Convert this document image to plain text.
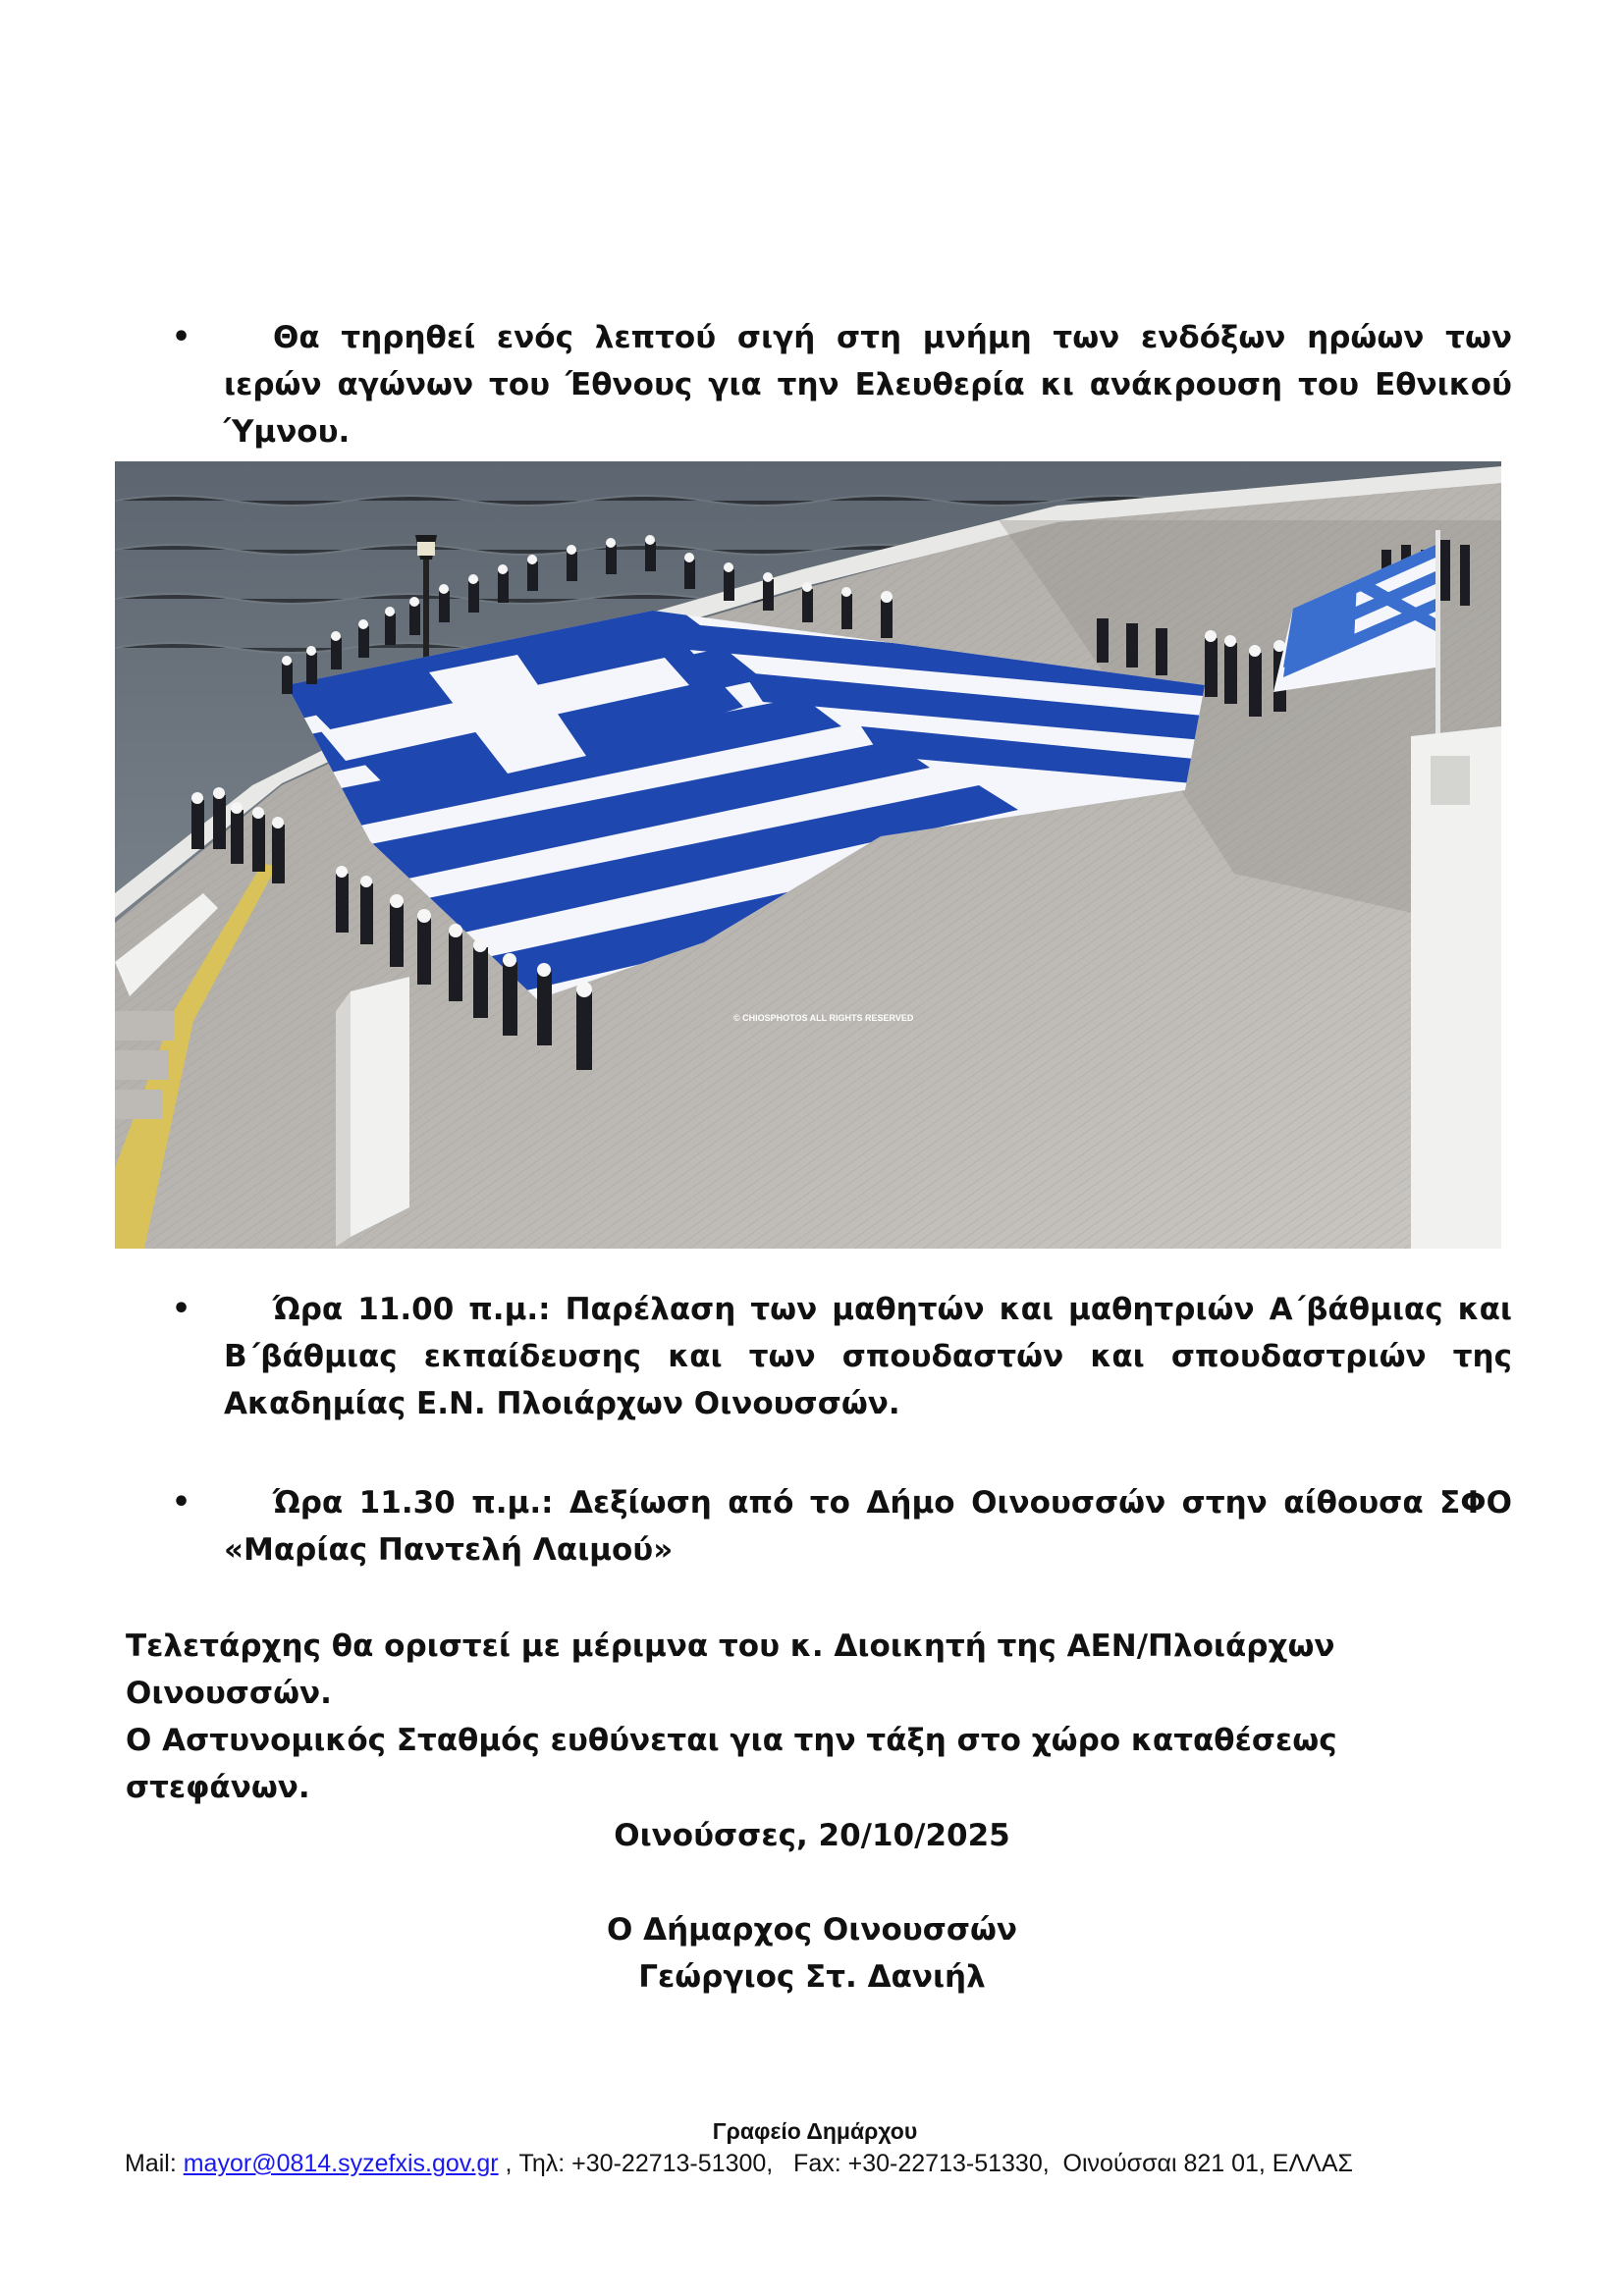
•	Θα τηρηθεί ενός λεπτού σιγή στη μνήμη των ενδόξων ηρώων των ιερών αγώνων του Έθνους για την Ελευθερία κι ανάκρουση του Εθνικού Ύμνου.
© CHIOSPHOTOS ALL RIGHTS RESERVED
•	Ώρα 11.00 π.μ.: Παρέλαση των μαθητών και μαθητριών Α΄βάθμιας και Β΄βάθμιας εκπαίδευσης και των σπουδαστών και σπουδαστριών της Ακαδημίας Ε.Ν. Πλοιάρχων Οινουσσών.
•	Ώρα 11.30 π.μ.: Δεξίωση από το Δήμο Οινουσσών στην αίθουσα ΣΦΟ «Μαρίας Παντελή Λαιμού»
Τελετάρχης θα οριστεί με μέριμνα του κ. Διοικητή της ΑΕΝ/Πλοιάρχων Οινουσσών.
Ο Αστυνομικός Σταθμός ευθύνεται για την τάξη στο χώρο καταθέσεως στεφάνων.
Οινούσσες, 20/10/2025
Ο Δήμαρχος Οινουσσών
Γεώργιος Στ. Δανιήλ
Γραφείο Δημάρχου
Mail: mayor@0814.syzefxis.gov.gr , Τηλ: +30-22713-51300,   Fax: +30-22713-51330,  Οινούσσαι 821 01, ΕΛΛΑΣ
